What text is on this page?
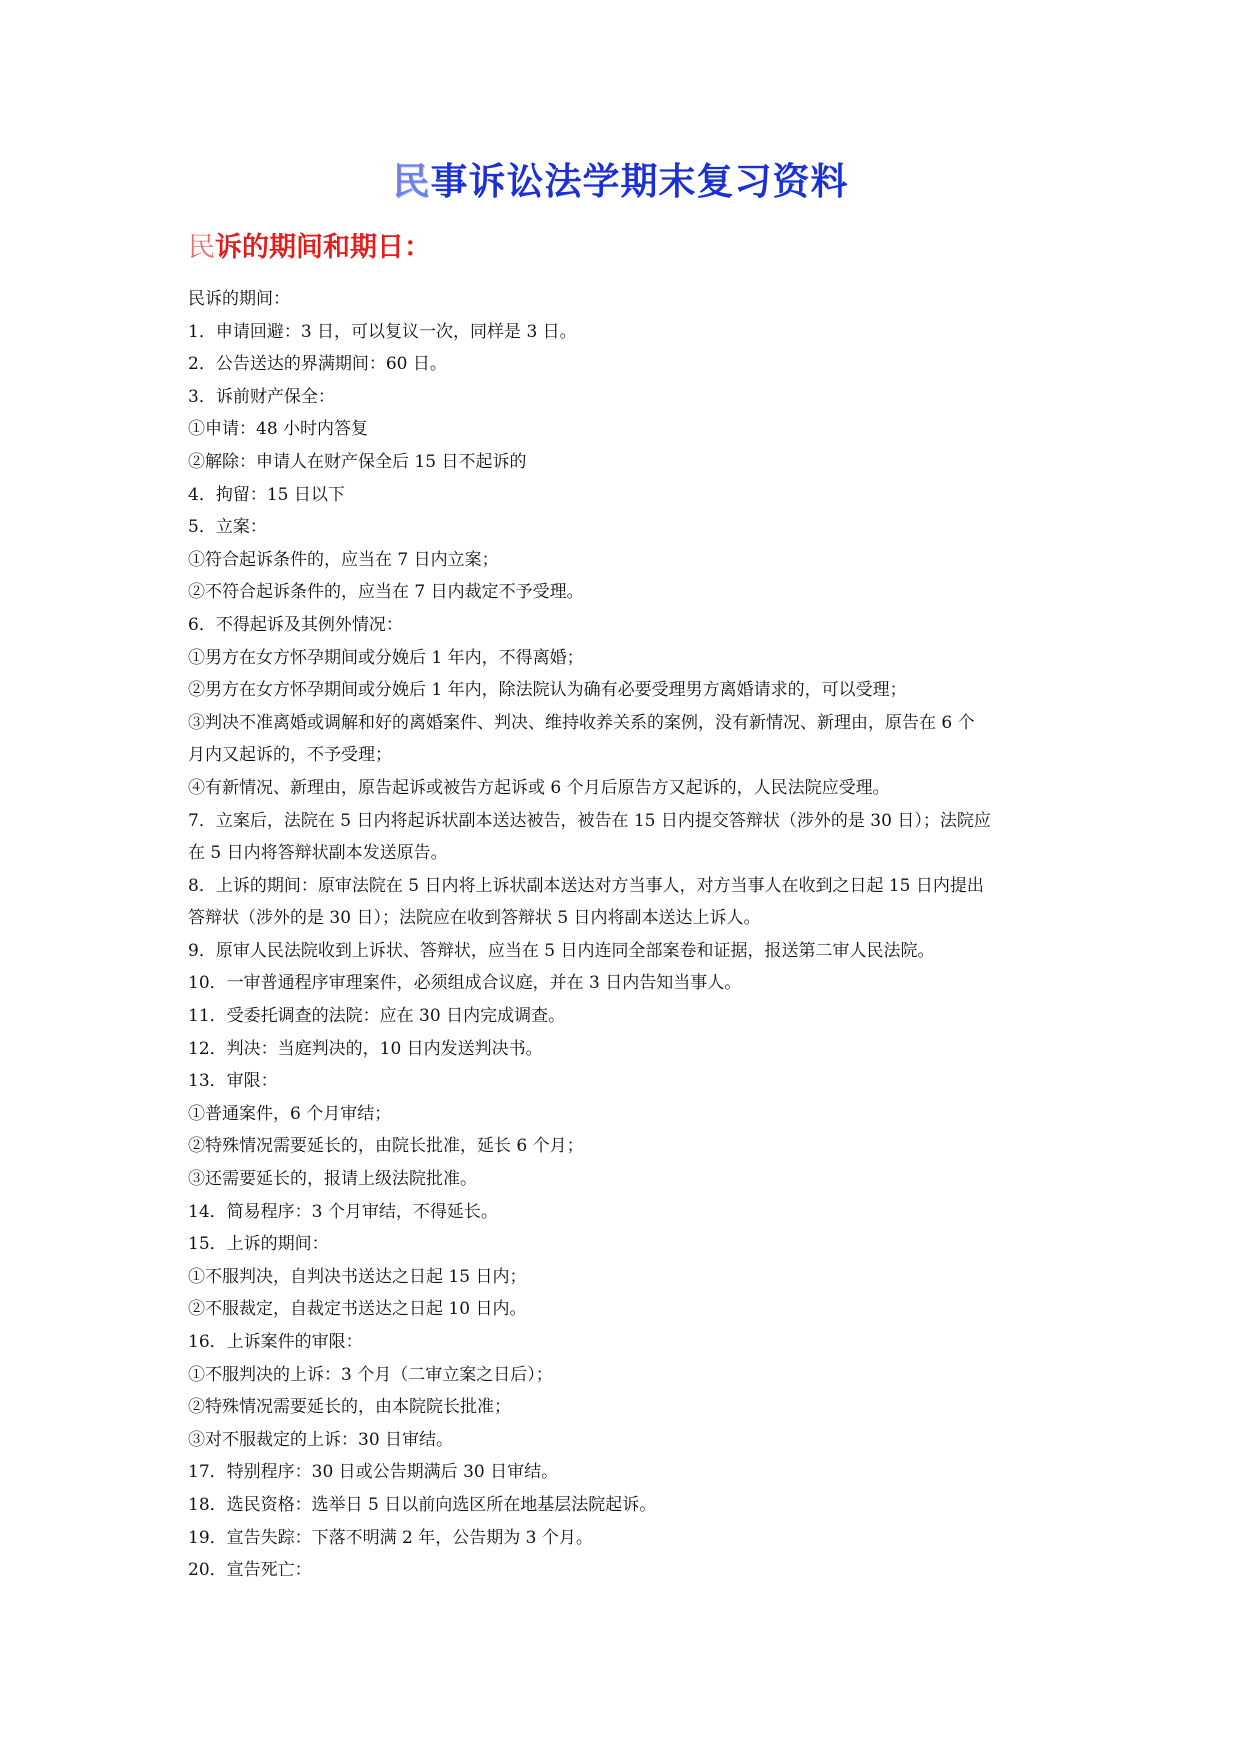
民事诉讼法学期末复习资料
民诉的期间和期日：
民诉的期间：
1．申请回避：3 日，可以复议一次，同样是 3 日。
2．公告送达的界满期间：60 日。
3．诉前财产保全：
①申请：48 小时内答复
②解除：申请人在财产保全后 15 日不起诉的
4．拘留：15 日以下
5．立案：
①符合起诉条件的，应当在 7 日内立案；
②不符合起诉条件的，应当在 7 日内裁定不予受理。
6．不得起诉及其例外情况：
①男方在女方怀孕期间或分娩后 1 年内，不得离婚；
②男方在女方怀孕期间或分娩后 1 年内，除法院认为确有必要受理男方离婚请求的，可以受理；
③判决不准离婚或调解和好的离婚案件、判决、维持收养关系的案例，没有新情况、新理由，原告在 6 个
月内又起诉的，不予受理；
④有新情况、新理由，原告起诉或被告方起诉或 6 个月后原告方又起诉的，人民法院应受理。
7．立案后，法院在 5 日内将起诉状副本送达被告，被告在 15 日内提交答辩状（涉外的是 30 日）；法院应
在 5 日内将答辩状副本发送原告。
8．上诉的期间：原审法院在 5 日内将上诉状副本送达对方当事人，对方当事人在收到之日起 15 日内提出
答辩状（涉外的是 30 日）；法院应在收到答辩状 5 日内将副本送达上诉人。
9．原审人民法院收到上诉状、答辩状，应当在 5 日内连同全部案卷和证据，报送第二审人民法院。
10．一审普通程序审理案件，必须组成合议庭，并在 3 日内告知当事人。
11．受委托调查的法院：应在 30 日内完成调查。
12．判决：当庭判决的，10 日内发送判决书。
13．审限：
①普通案件，6 个月审结；
②特殊情况需要延长的，由院长批准，延长 6 个月；
③还需要延长的，报请上级法院批准。
14．简易程序：3 个月审结，不得延长。
15．上诉的期间：
①不服判决，自判决书送达之日起 15 日内；
②不服裁定，自裁定书送达之日起 10 日内。
16．上诉案件的审限：
①不服判决的上诉：3 个月（二审立案之日后）；
②特殊情况需要延长的，由本院院长批准；
③对不服裁定的上诉：30 日审结。
17．特别程序：30 日或公告期满后 30 日审结。
18．选民资格：选举日 5 日以前向选区所在地基层法院起诉。
19．宣告失踪：下落不明满 2 年，公告期为 3 个月。
20．宣告死亡：
